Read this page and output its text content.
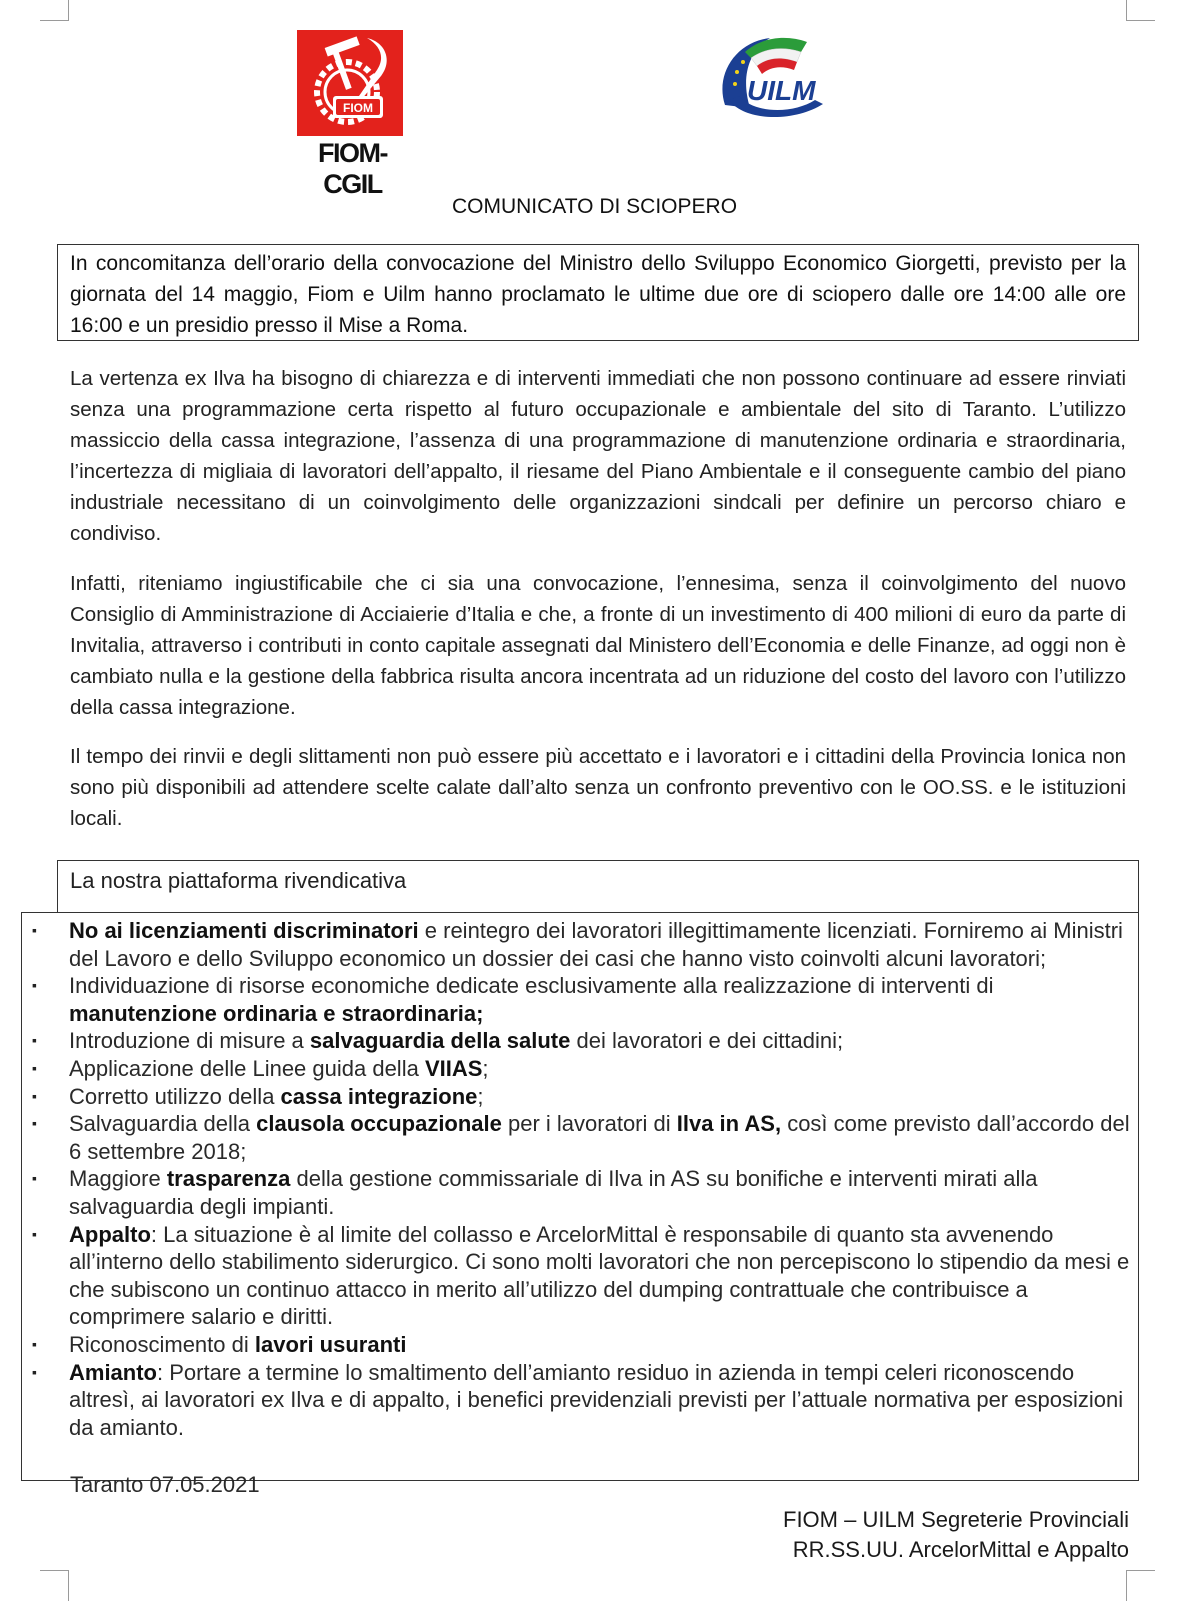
FIOM
FIOM-CGIL
UILM
COMUNICATO DI SCIOPERO
In concomitanza dell’orario della convocazione del Ministro dello Sviluppo Economico Giorgetti, previsto per la giornata del 14 maggio, Fiom e Uilm hanno proclamato le ultime due ore di sciopero dalle ore 14:00 alle ore 16:00 e un presidio presso il Mise a Roma.
La vertenza ex Ilva ha bisogno di chiarezza e di interventi immediati che non possono continuare ad essere rinviati senza una programmazione certa rispetto al futuro occupazionale e ambientale del sito di Taranto. L’utilizzo massiccio della cassa integrazione, l’assenza di una programmazione di manutenzione ordinaria e straordinaria, l’incertezza di migliaia di lavoratori dell’appalto, il riesame del Piano Ambientale e il conseguente cambio del piano industriale necessitano di un coinvolgimento delle organizzazioni sindcali per definire un percorso chiaro e condiviso.
Infatti, riteniamo ingiustificabile che ci sia una convocazione, l’ennesima, senza il coinvolgimento del nuovo Consiglio di Amministrazione di Acciaierie d’Italia e che, a fronte di un investimento di 400 milioni di euro da parte di Invitalia, attraverso i contributi in conto capitale assegnati dal Ministero dell’Economia e delle Finanze, ad oggi non è cambiato nulla e la gestione della fabbrica risulta ancora incentrata ad un riduzione del costo del lavoro con l’utilizzo della cassa integrazione.
Il tempo dei rinvii e degli slittamenti non può essere più accettato e i lavoratori e i cittadini della Provincia Ionica non sono più disponibili ad attendere scelte calate dall’alto senza un confronto preventivo con le OO.SS. e le istituzioni locali.
La nostra piattaforma rivendicativa
▪ No ai licenziamenti discriminatori e reintegro dei lavoratori illegittimamente licenziati. Forniremo ai Ministri del Lavoro e dello Sviluppo economico un dossier dei casi che hanno visto coinvolti alcuni lavoratori;
▪ Individuazione di risorse economiche dedicate esclusivamente alla realizzazione di interventi di manutenzione ordinaria e straordinaria;
▪ Introduzione di misure a salvaguardia della salute dei lavoratori e dei cittadini;
▪ Applicazione delle Linee guida della VIIAS;
▪ Corretto utilizzo della cassa integrazione;
▪ Salvaguardia della clausola occupazionale per i lavoratori di Ilva in AS, così come previsto dall’accordo del 6 settembre 2018;
▪ Maggiore trasparenza della gestione commissariale di Ilva in AS su bonifiche e interventi mirati alla salvaguardia degli impianti.
▪ Appalto: La situazione è al limite del collasso e ArcelorMittal è responsabile di quanto sta avvenendo all’interno dello stabilimento siderurgico. Ci sono molti lavoratori che non percepiscono lo stipendio da mesi e che subiscono un continuo attacco in merito all’utilizzo del dumping contrattuale che contribuisce a comprimere salario e diritti.
▪ Riconoscimento di lavori usuranti
▪ Amianto: Portare a termine lo smaltimento dell’amianto residuo in azienda in tempi celeri riconoscendo altresì, ai lavoratori ex Ilva e di appalto, i benefici previdenziali previsti per l’attuale normativa per esposizioni da amianto.
Taranto 07.05.2021
FIOM – UILM Segreterie Provinciali
RR.SS.UU. ArcelorMittal e Appalto
